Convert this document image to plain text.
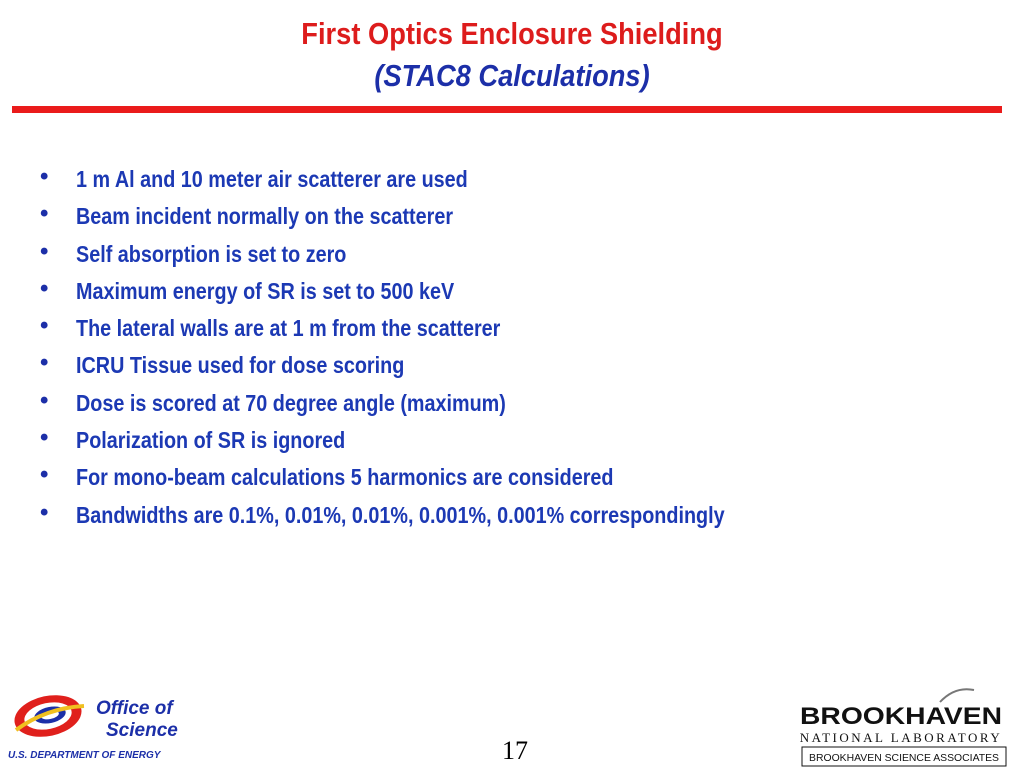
First Optics Enclosure Shielding
(STAC8 Calculations)
• 1 m Al and 10 meter air scatterer are used
• Beam incident normally on the scatterer
• Self absorption is set to zero
• Maximum energy of SR is set to 500 keV
• The lateral walls are at 1 m from the scatterer
• ICRU Tissue used for dose scoring
• Dose is scored at 70 degree angle (maximum)
• Polarization of SR is ignored
• For mono-beam calculations 5 harmonics are considered
• Bandwidths are 0.1%, 0.01%, 0.01%, 0.001%, 0.001% correspondingly
Office of
Science
U.S. DEPARTMENT OF ENERGY	17
BROOKHAVEN
NATIONAL LABORATORY
BROOKHAVEN SCIENCE ASSOCIATES
